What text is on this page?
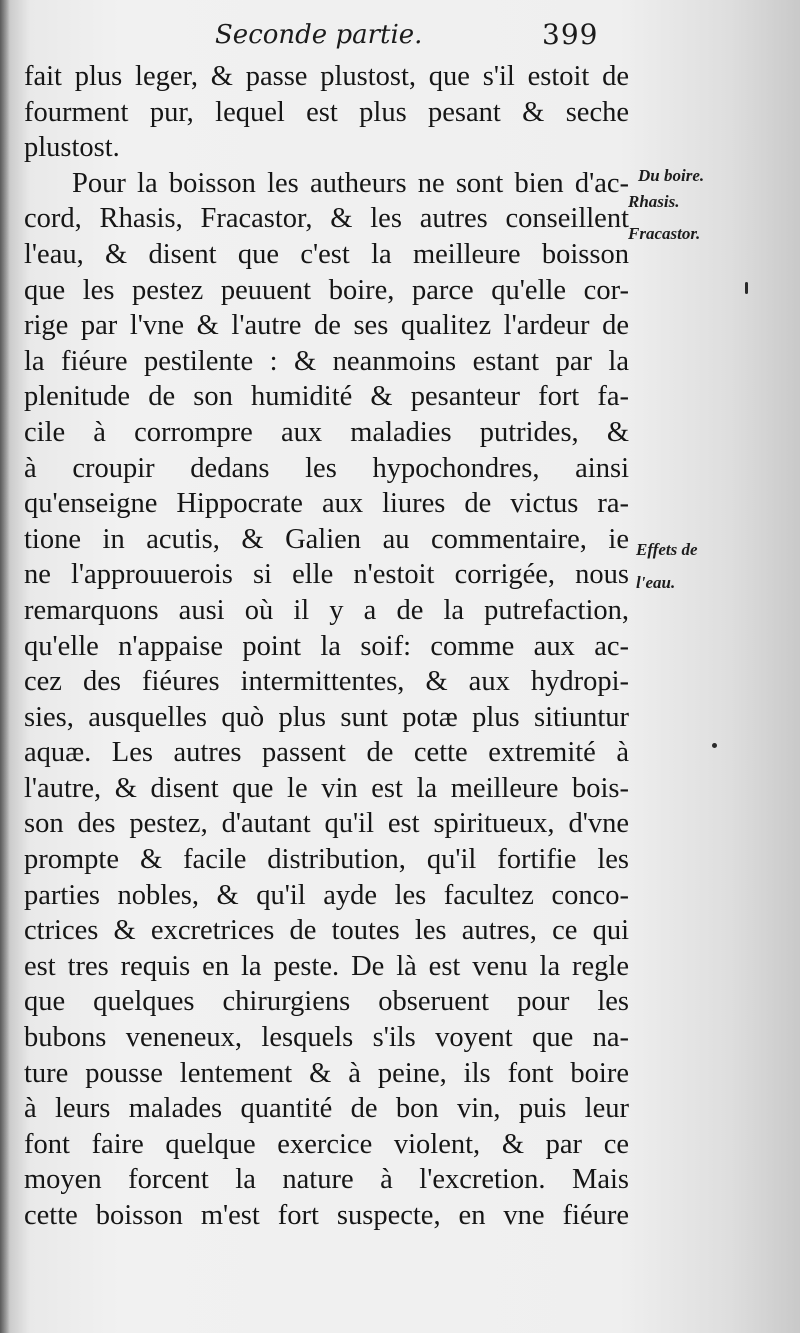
Seconde partie.	399
fait plus leger, & passe plustost, que s'il estoit de
fourment pur, lequel est plus pesant & seche
plustost.
Pour la boisson les autheurs ne sont bien d'ac-
cord, Rhasis, Fracastor, & les autres conseillent
l'eau, & disent que c'est la meilleure boisson
que les pestez peuuent boire, parce qu'elle cor-
rige par l'vne & l'autre de ses qualitez l'ardeur de
la fiéure pestilente : & neanmoins estant par la
plenitude de son humidité & pesanteur fort fa-
cile à corrompre aux maladies putrides, &
à croupir dedans les hypochondres, ainsi
qu'enseigne Hippocrate aux liures de victus ra-
tione in acutis, & Galien au commentaire, ie
ne l'approuuerois si elle n'estoit corrigée, nous
remarquons ausi où il y a de la putrefaction,
qu'elle n'appaise point la soif: comme aux ac-
cez des fiéures intermittentes, & aux hydropi-
sies, ausquelles quò plus sunt potæ plus sitiuntur
aquæ. Les autres passent de cette extremité à
l'autre, & disent que le vin est la meilleure bois-
son des pestez, d'autant qu'il est spiritueux, d'vne
prompte & facile distribution, qu'il fortifie les
parties nobles, & qu'il ayde les facultez conco-
ctrices & excretrices de toutes les autres, ce qui
est tres requis en la peste. De là est venu la regle
que quelques chirurgiens obseruent pour les
bubons veneneux, lesquels s'ils voyent que na-
ture pousse lentement & à peine, ils font boire
à leurs malades quantité de bon vin, puis leur
font faire quelque exercice violent, & par ce
moyen forcent la nature à l'excretion. Mais
cette boisson m'est fort suspecte, en vne fiéure
Du boire.
Rhasis.
Fracastor.
Effets de
l'eau.
